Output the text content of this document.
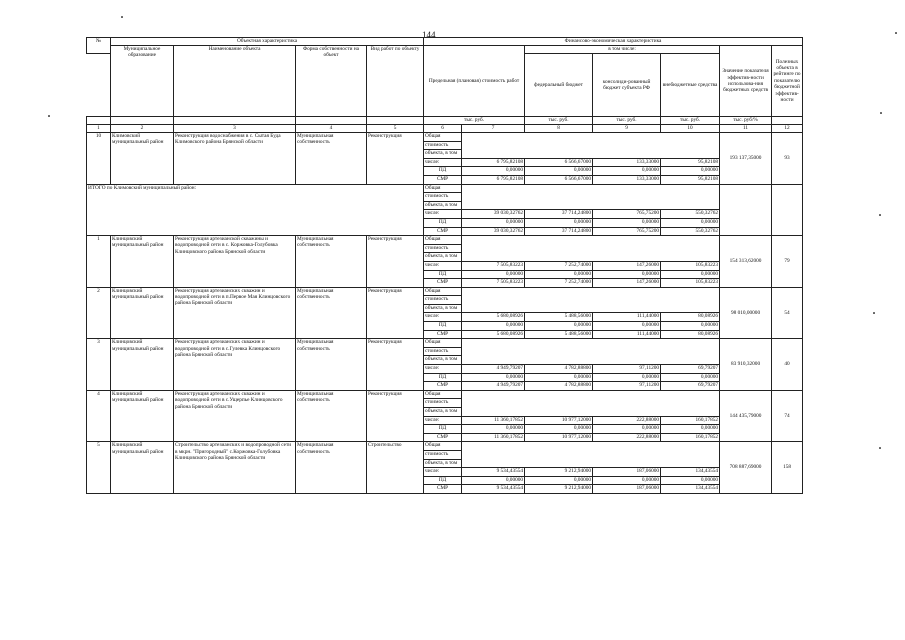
144
№	Объектная характеристика				Финансово-экономическая характеристика						
	Муниципальное образование	Наименование объекта	Форма собственности на объект	Вид работ по объекту	Предельная (плановая) стоимость работ		в том числе:			Значение показателя эффектив-ности использова-ния бюджетных средств	Полезных объекта в рейтинге по показателю бюджетной эффектив-ности
							федеральный бюджет	консолиди-рованный бюджет субъекта РФ	внебюджетные средства		
					тыс. руб.		тыс. руб.	тыс. руб.	тыс. руб.	тыс. руб/%	
1	2	3	4	5	6	7	8	9	10	11	12
10	Климовский муниципальный район	Реконструкция водоснабжения в с. Сытая Буда Климовского района Брянской области	Муниципальная собственность	Реконструкция	Общая					193 137,35000	93
					стоимость						
					объекта, в том						
					числе:	6 795,82108	6 566,67000	133,33000	95,82108		
					ПД	0,00000	0,00000	0,00000	0,00000		
					СМР	6 795,82108	6 566,67000	133,33000	95,82108		
ИТОГО по Климовский муниципальный район:					Общая						
					стоимость						
					объекта, в том						
					числе:	39 030,32762	37 714,24800	765,75200	550,32762		
					ПД	0,00000	0,00000	0,00000	0,00000		
					СМР	39 030,32762	37 714,24800	765,75200	550,32762		
1	Клинцовский муниципальный район	Реконструкция артезианской скважины и водопроводной сети в с. Коржовка-Голубовка Клинцовского района Брянской области	Муниципальная собственность	Реконструкция	Общая					154 313,62000	79
					стоимость						
					объекта, в том						
					числе:	7 505,83223	7 252,74000	147,26000	105,83223		
					ПД	0,00000	0,00000	0,00000	0,00000		
					СМР	7 505,83223	7 252,74000	147,26000	105,83223		
2	Клинцовский муниципальный район	Реконструкция артезианских скважин и водопроводной сети в п.Первое Мая Клинцовского района Брянской области	Муниципальная собственность	Реконструкция	Общая					98 010,00000	54
					стоимость						
					объекта, в том						
					числе:	5 680,08926	5 488,56000	111,44000	80,08926		
					ПД	0,00000	0,00000	0,00000	0,00000		
					СМР	5 680,08926	5 488,56000	111,44000	80,08926		
3	Клинцовский муниципальный район	Реконструкция артезианских скважин и водопроводной сети в с.Гулевка Клинцовского района Брянской области	Муниципальная собственность	Реконструкция	Общая					83 910,32000	40
					стоимость						
					объекта, в том						
					числе:	4 949,79207	4 782,88800	97,11200	69,79207		
					ПД	0,00000	0,00000	0,00000	0,00000		
					СМР	4 949,79207	4 782,88800	97,11200	69,79207		
4	Клинцовский муниципальный район	Реконструкция артезианских скважин и водопроводной сети в с.Ущерпье Клинцовского района Брянской области	Муниципальная собственность	Реконструкция	Общая					144 435,79000	74
					стоимость						
					объекта, в том						
					числе:	11 360,17852	10 977,12000	222,88000	160,17852		
					ПД	0,00000	0,00000	0,00000	0,00000		
					СМР	11 360,17852	10 977,12000	222,88000	160,17852		
5	Клинцовский муниципальный район	Строительство артезианских и водопроводной сети в мкрн. "Пригородный" с.Коржовка-Голубовка Клинцовского района Брянской области	Муниципальная собственность	Строительство	Общая					708 887,69000	158
					стоимость						
					объекта, в том						
					числе:	9 534,43554	9 212,94000	187,06000	134,43554		
					ПД	0,00000	0,00000	0,00000	0,00000		
					СМР	9 534,43554	9 212,94000	187,06000	134,43554		
